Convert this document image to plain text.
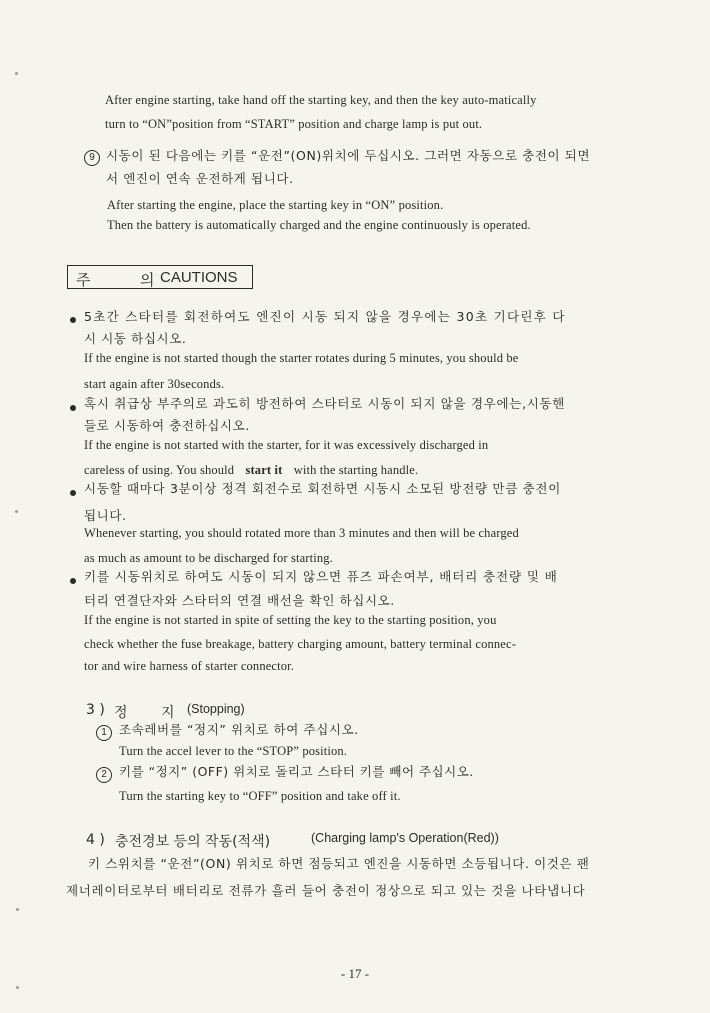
After engine starting, take hand off the starting key, and then the key auto-matically
turn to “ON”position from “START” position and charge lamp is put out.
9 시동이 된 다음에는 키를 “운전”(ON)위치에 두십시오. 그러면 자동으로 충전이 되면
서 엔진이 연속 운전하게 됩니다.
After starting the engine, place the starting key in “ON” position.
Then the battery is automatically charged and the engine continuously is operated.
주	의 CAUTIONS
5초간 스타터를 회전하여도 엔진이 시동 되지 않을 경우에는 30초 기다린후 다
시 시동 하십시오.
If the engine is not started though the starter rotates during 5 minutes, you should be
start again after 30seconds.
혹시 취급상 부주의로 과도히 방전하여 스타터로 시동이 되지 않을 경우에는,시동핸
들로 시동하여 충전하십시오.
If the engine is not started with the starter, for it was excessively discharged in
careless of using. You should start it with the starting handle.
시동할 때마다 3분이상 정격 회전수로 회전하면 시동시 소모된 방전량 만큼 충전이
됩니다.
Whenever starting, you should rotated more than 3 minutes and then will be charged
as much as amount to be discharged for starting.
키를 시동위치로 하여도 시동이 되지 않으면 퓨즈 파손여부, 배터리 충전량 및 배
터리 연결단자와 스타터의 연결 배선을 확인 하십시오.
If the engine is not started in spite of setting the key to the starting position, you
check whether the fuse breakage, battery charging amount, battery terminal connec-
tor and wire harness of starter connector.
3 ) 정 지 (Stopping)
1 조속레버를 “정지” 위치로 하여 주십시오.
Turn the accel lever to the “STOP” position.
2 키를 “정지” (OFF) 위치로 돌리고 스타터 키를 빼어 주십시오.
Turn the starting key to “OFF” position and take off it.
4 ) 충전경보 등의 작동(적색)	(Charging lamp's Operation(Red))
키 스위치를 “운전”(ON) 위치로 하면 점등되고 엔진을 시동하면 소등됩니다. 이것은 팬
제너레이터로부터 배터리로 전류가 흘러 들어 충전이 정상으로 되고 있는 것을 나타냅니다
- 17 -
